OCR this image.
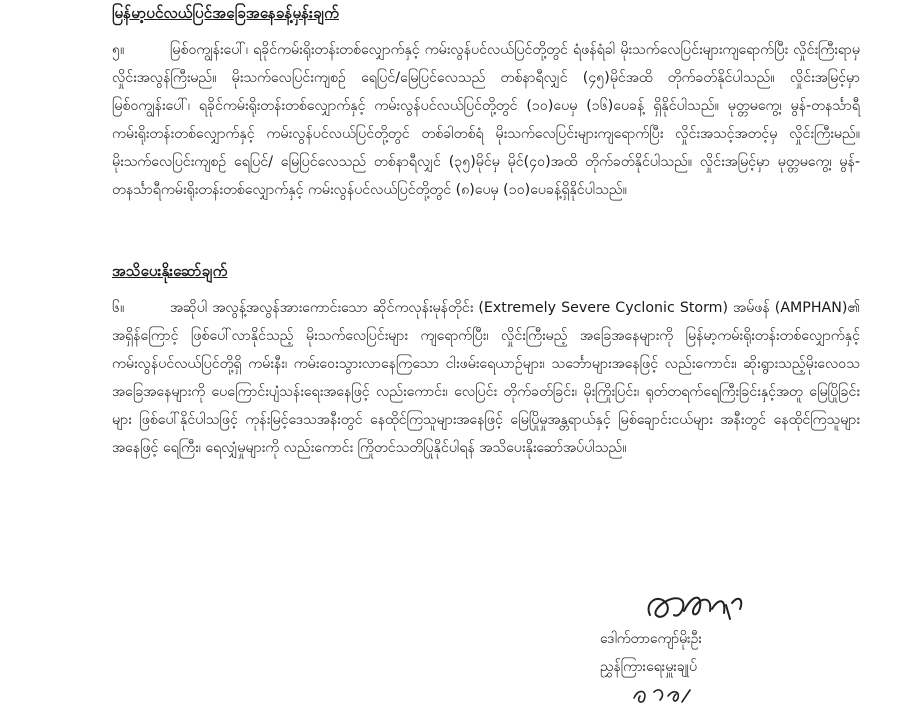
မြန်မာ့ပင်လယ်ပြင်အခြေအနေခန့်မှန်းချက်
၅။	မြစ်ဝကျွန်းပေါ်၊ ရခိုင်ကမ်းရိုးတန်းတစ်လျှောက်နှင့် ကမ်းလွန်ပင်လယ်ပြင်တို့တွင် ရံဖန်ရံခါ မိုးသက်လေပြင်းများကျရောက်ပြီး လှိုင်းကြီးရာမှ လှိုင်းအလွန်ကြီးမည်။ မိုးသက်လေပြင်းကျစဉ် ရေပြင်/မြေပြင်လေသည် တစ်နာရီလျှင် (၄၅)မိုင်အထိ တိုက်ခတ်နိုင်ပါသည်။ လှိုင်းအမြင့်မှာ မြစ်ဝကျွန်းပေါ်၊ ရခိုင်ကမ်းရိုးတန်းတစ်လျှောက်နှင့် ကမ်းလွန်ပင်လယ်ပြင်တို့တွင် (၁၀)ပေမှ (၁၆)ပေခန့် ရှိနိုင်ပါသည်။ မုတ္တမကွေ့၊ မွန်-တနင်္သာရီကမ်းရိုးတန်းတစ်လျှောက်နှင့် ကမ်းလွန်ပင်လယ်ပြင်တို့တွင် တစ်ခါတစ်ရံ မိုးသက်လေပြင်းများကျရောက်ပြီး လှိုင်းအသင့်အတင့်မှ လှိုင်းကြီးမည်။ မိုးသက်လေပြင်းကျစဉ် ရေပြင်/ မြေပြင်လေသည် တစ်နာရီလျှင် (၃၅)မိုင်မှ မိုင်(၄၀)အထိ တိုက်ခတ်နိုင်ပါသည်။ လှိုင်းအမြင့်မှာ မုတ္တမကွေ့၊ မွန်-တနင်္သာရီကမ်းရိုးတန်းတစ်လျှောက်နှင့် ကမ်းလွန်ပင်လယ်ပြင်တို့တွင် (၈)ပေမှ (၁၀)ပေခန့်ရှိနိုင်ပါသည်။
အသိပေးနိုးဆော်ချက်
၆။	အဆိုပါ အလွန့်အလွန်အားကောင်းသော ဆိုင်ကလုန်းမုန်တိုင်း (Extremely Severe Cyclonic Storm) အမ်ဖန် (AMPHAN)၏ အရှိန်ကြောင့် ဖြစ်ပေါ်လာနိုင်သည့် မိုးသက်လေပြင်းများ ကျရောက်ပြီး၊ လှိုင်းကြီးမည့် အခြေအနေများကို မြန်မာ့ကမ်းရိုးတန်းတစ်လျှောက်နှင့် ကမ်းလွန်ပင်လယ်ပြင်တို့ရှိ ကမ်းနီး၊ ကမ်းဝေးသွားလာနေကြသော ငါးဖမ်းရေယာဉ်များ၊ သင်္ဘောများအနေဖြင့် လည်းကောင်း၊ ဆိုးရွားသည့်မိုးလေဝသအခြေအနေများကို ပေကြောင်းပျံသန်းရေးအနေဖြင့် လည်းကောင်း၊ လေပြင်း တိုက်ခတ်ခြင်း၊ မိုးကြိုးပြင်း၊ ရုတ်တရက်ရေကြီးခြင်းနှင့်အတူ မြေပြိုခြင်းများ ဖြစ်ပေါ်နိုင်ပါသဖြင့် ကုန်းမြင့်ဒေသအနီးတွင် နေထိုင်ကြသူများအနေဖြင့် မြေပြိုမှုအန္တရာယ်နှင့် မြစ်ချောင်းငယ်များ အနီးတွင် နေထိုင်ကြသူများ အနေဖြင့် ရေကြီး၊ ရေလျှံမှုများကို လည်းကောင်း ကြိုတင်သတိပြုနိုင်ပါရန် အသိပေးနိုးဆော်အပ်ပါသည်။
ဒေါက်တာကျော်မိုးဦး
ညွှန်ကြားရေးမှူးချုပ်
